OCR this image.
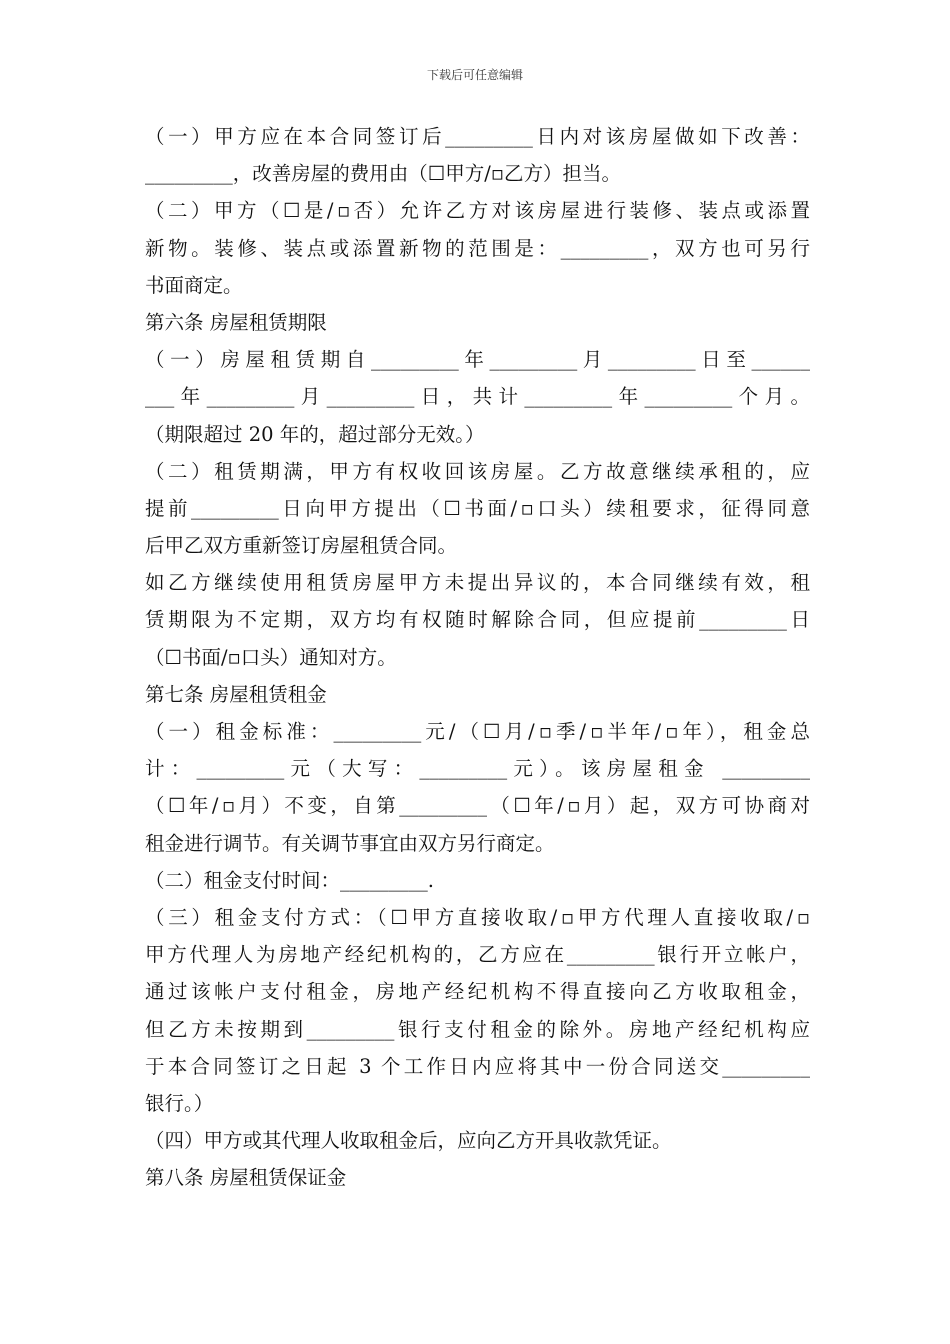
下载后可任意编辑
（一）甲方应在本合同签订后_________日内对该房屋做如下改善：
_________，改善房屋的费用由（☐甲方/▫乙方）担当。
（二）甲方（☐是/▫否）允许乙方对该房屋进行装修、装点或添置
新物。装修、装点或添置新物的范围是：_________，双方也可另行
书面商定。
第六条 房屋租赁期限
（一）房屋租赁期自_________年_________月_________日至______
___年_________月_________日，共计_________年_________个月。
（期限超过 20 年的，超过部分无效。）
（二）租赁期满，甲方有权收回该房屋。乙方故意继续承租的，应
提前_________日向甲方提出（☐书面/▫口头）续租要求，征得同意
后甲乙双方重新签订房屋租赁合同。
如乙方继续使用租赁房屋甲方未提出异议的，本合同继续有效，租
赁期限为不定期，双方均有权随时解除合同，但应提前_________日
（☐书面/▫口头）通知对方。
第七条 房屋租赁租金
（一）租金标准：_________元/（☐月/▫季/▫半年/▫年），租金总
计：_________元（大写：_________元）。该房屋租金 _________
（☐年/▫月）不变，自第_________（☐年/▫月）起，双方可协商对
租金进行调节。有关调节事宜由双方另行商定。
（二）租金支付时间：_________.
（三）租金支付方式：（☐甲方直接收取/▫甲方代理人直接收取/▫
甲方代理人为房地产经纪机构的，乙方应在_________银行开立帐户，
通过该帐户支付租金，房地产经纪机构不得直接向乙方收取租金，
但乙方未按期到_________银行支付租金的除外。房地产经纪机构应
于本合同签订之日起 3 个工作日内应将其中一份合同送交_________
银行。）
（四）甲方或其代理人收取租金后，应向乙方开具收款凭证。
第八条 房屋租赁保证金
